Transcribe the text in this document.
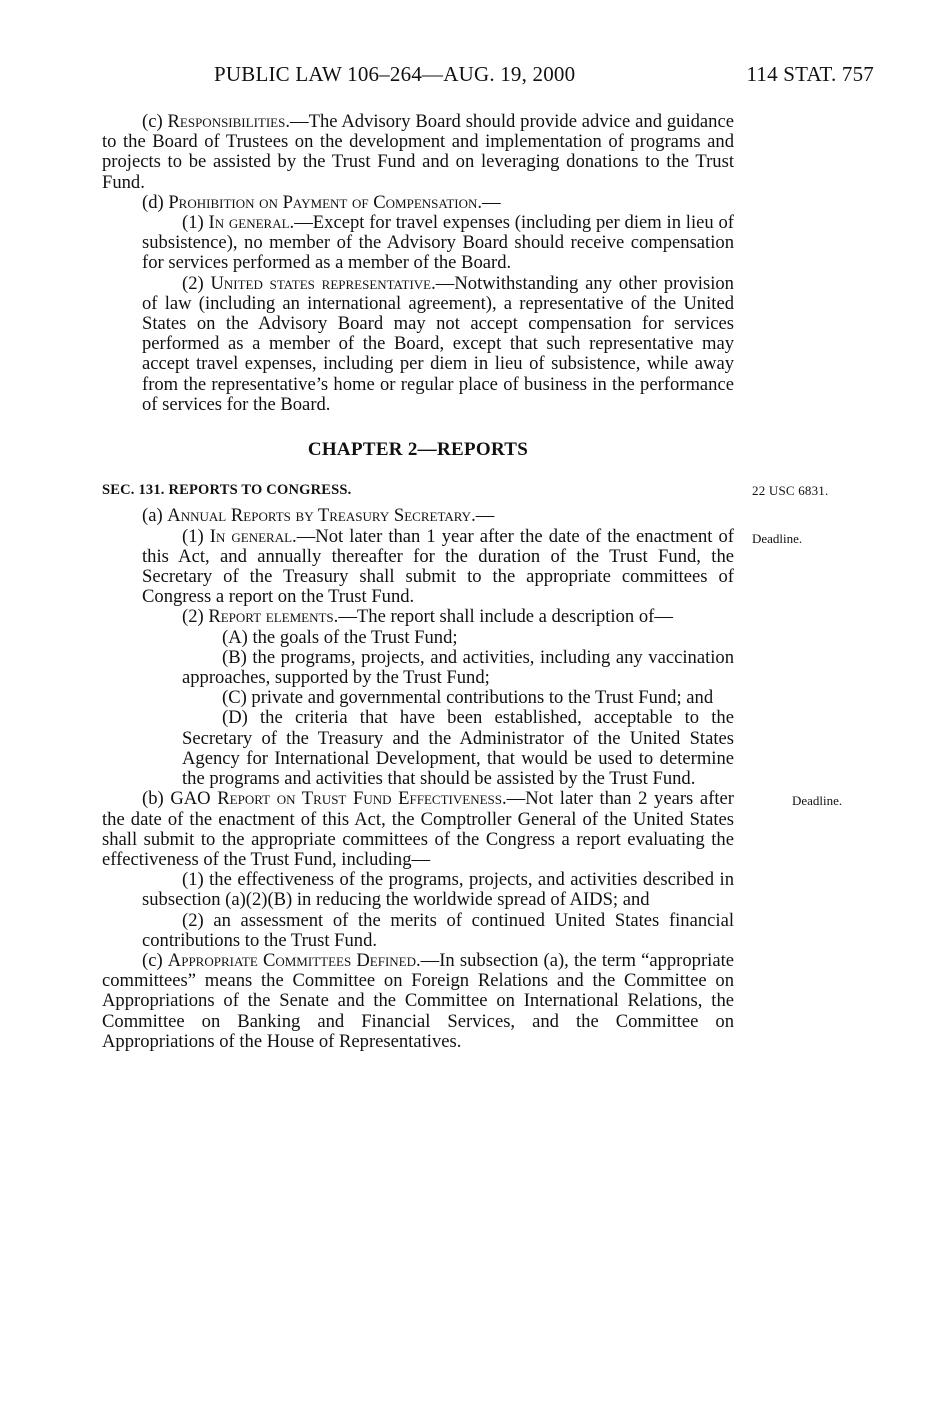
PUBLIC LAW 106–264—AUG. 19, 2000	114 STAT. 757

(c) Responsibilities.—The Advisory Board should provide advice and guidance to the Board of Trustees on the development and implementation of programs and projects to be assisted by the Trust Fund and on leveraging donations to the Trust Fund.

(d) Prohibition on Payment of Compensation.—

(1) In general.—Except for travel expenses (including per diem in lieu of subsistence), no member of the Advisory Board should receive compensation for services performed as a member of the Board.

(2) United states representative.—Notwithstanding any other provision of law (including an international agreement), a representative of the United States on the Advisory Board may not accept compensation for services performed as a member of the Board, except that such representative may accept travel expenses, including per diem in lieu of subsistence, while away from the representative’s home or regular place of business in the performance of services for the Board.

CHAPTER 2—REPORTS

SEC. 131. REPORTS TO CONGRESS.	22 USC 6831.

(a) Annual Reports by Treasury Secretary.—

(1) In general.—Not later than 1 year after the date of the enactment of this Act, and annually thereafter for the duration of the Trust Fund, the Secretary of the Treasury shall submit to the appropriate committees of Congress a report on the Trust Fund.
Deadline.

(2) Report elements.—The report shall include a description of—

(A) the goals of the Trust Fund;

(B) the programs, projects, and activities, including any vaccination approaches, supported by the Trust Fund;

(C) private and governmental contributions to the Trust Fund; and

(D) the criteria that have been established, acceptable to the Secretary of the Treasury and the Administrator of the United States Agency for International Development, that would be used to determine the programs and activities that should be assisted by the Trust Fund.

(b) GAO Report on Trust Fund Effectiveness.—Not later than 2 years after the date of the enactment of this Act, the Comptroller General of the United States shall submit to the appropriate committees of the Congress a report evaluating the effectiveness of the Trust Fund, including—
Deadline.

(1) the effectiveness of the programs, projects, and activities described in subsection (a)(2)(B) in reducing the worldwide spread of AIDS; and

(2) an assessment of the merits of continued United States financial contributions to the Trust Fund.

(c) Appropriate Committees Defined.—In subsection (a), the term “appropriate committees” means the Committee on Foreign Relations and the Committee on Appropriations of the Senate and the Committee on International Relations, the Committee on Banking and Financial Services, and the Committee on Appropriations of the House of Representatives.
